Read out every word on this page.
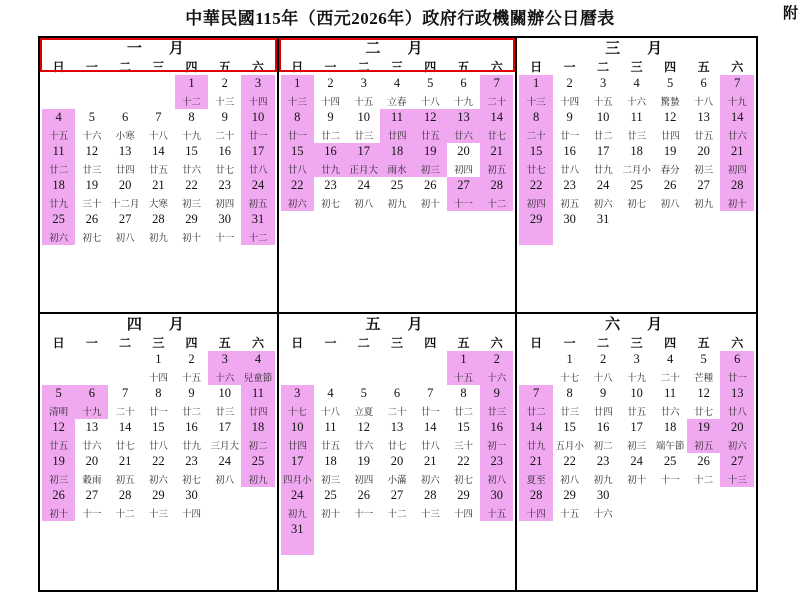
中華民國115年（西元2026年）政府行政機關辦公日曆表	附
一　月
日	一	二	三	四	五	六
				1	2	3
				十二	十三	十四
4	5	6	7	8	9	10
十五	十六	小寒	十八	十九	二十	廿一
11	12	13	14	15	16	17
廿二	廿三	廿四	廿五	廿六	廿七	廿八
18	19	20	21	22	23	24
廿九	三十	十二月	大寒	初三	初四	初五
25	26	27	28	29	30	31

初六	初七	初八	初九	初十	十一	十二
二　月
日	一	二	三	四	五	六
1	2	3	4	5	6	7
十三	十四	十五	立春	十八	十九	二十
8	9	10	11	12	13	14
廿一	廿二	廿三	廿四	廿五	廿六	廿七
15	16	17	18	19	20	21
廿八	廿九	正月大	雨水	初三	初四	初五
22	23	24	25	26	27	28
初六	初七	初八	初九	初十	十一	十二
三　月
日	一	二	三	四	五	六
1	2	3	4	5	6	7
十三	十四	十五	十六	驚蟄	十八	十九
8	9	10	11	12	13	14
二十	廿一	廿二	廿三	廿四	廿五	廿六
15	16	17	18	19	20	21
廿七	廿八	廿九	二月小	春分	初三	初四
22	23	24	25	26	27	28
初四	初五	初六	初七	初八	初九	初十
29	30	31				

四　月
日	一	二	三	四	五	六
			1	2	3	4
			十四	十五	十六	兒童節
5	6	7	8	9	10	11
清明	十九	二十	廿一	廿二	廿三	廿四
12	13	14	15	16	17	18
廿五	廿六	廿七	廿八	廿九	三月大	初二
19	20	21	22	23	24	25
初三	穀雨	初五	初六	初七	初八	初九
26	27	28	29	30		
初十	十一	十二	十三	十四		
五　月
日	一	二	三	四	五	六
					1	2
					十五	十六
3	4	5	6	7	8	9
十七	十八	立夏	二十	廿一	廿二	廿三
10	11	12	13	14	15	16
廿四	廿五	廿六	廿七	廿八	三十	初一
17	18	19	20	21	22	23
四月小	初三	初四	小滿	初六	初七	初八
24	25	26	27	28	29	30
初九	初十	十一	十二	十三	十四	十五
31						

六　月
日	一	二	三	四	五	六
	1	2	3	4	5	6
	十七	十八	十九	二十	芒種	廿一
7	8	9	10	11	12	13
廿二	廿三	廿四	廿五	廿六	廿七	廿八
14	15	16	17	18	19	20
廿九	五月小	初二	初三	端午節	初五	初六
21	22	23	24	25	26	27
夏至	初八	初九	初十	十一	十二	十三
28	29	30				
十四	十五	十六				
